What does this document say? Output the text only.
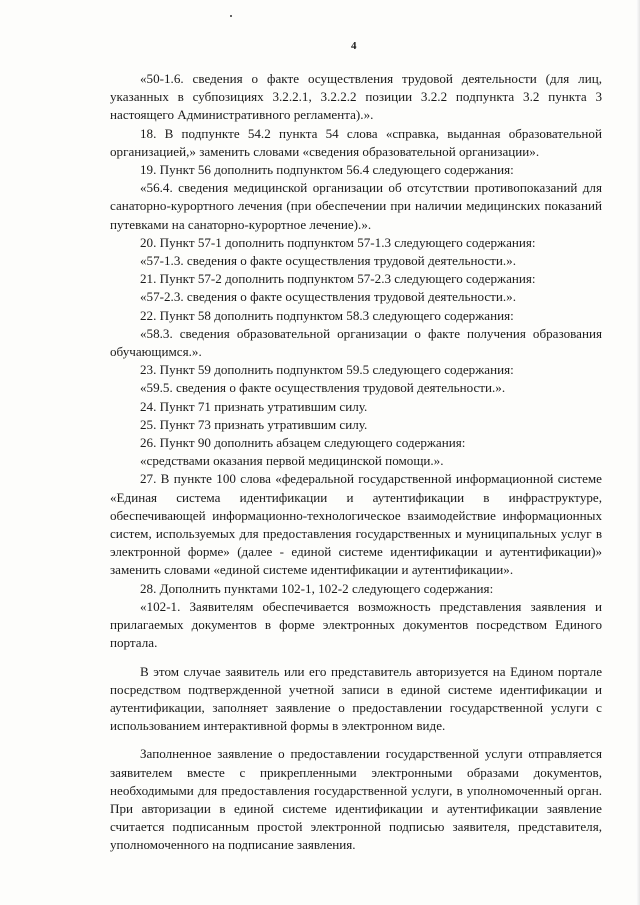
4

«50-1.6. сведения о факте осуществления трудовой деятельности (для лиц, указанных в субпозициях 3.2.2.1, 3.2.2.2 позиции 3.2.2 подпункта 3.2 пункта 3 настоящего Административного регламента).».

18. В подпункте 54.2 пункта 54 слова «справка, выданная образовательной организацией,» заменить словами «сведения образовательной организации».

19. Пункт 56 дополнить подпунктом 56.4 следующего содержания:

«56.4. сведения медицинской организации об отсутствии противопоказаний для санаторно-курортного лечения (при обеспечении при наличии медицинских показаний путевками на санаторно-курортное лечение).».

20. Пункт 57-1 дополнить подпунктом 57-1.3 следующего содержания:

«57-1.3. сведения о факте осуществления трудовой деятельности.».

21. Пункт 57-2 дополнить подпунктом 57-2.3 следующего содержания:

«57-2.3. сведения о факте осуществления трудовой деятельности.».

22. Пункт 58 дополнить подпунктом 58.3 следующего содержания:

«58.3. сведения образовательной организации о факте получения образования обучающимся.».

23. Пункт 59 дополнить подпунктом 59.5 следующего содержания:

«59.5. сведения о факте осуществления трудовой деятельности.».

24. Пункт 71 признать утратившим силу.

25. Пункт 73 признать утратившим силу.

26. Пункт 90 дополнить абзацем следующего содержания:

«средствами оказания первой медицинской помощи.».

27. В пункте 100 слова «федеральной государственной информационной системе «Единая система идентификации и аутентификации в инфраструктуре, обеспечивающей информационно-технологическое взаимодействие информационных систем, используемых для предоставления государственных и муниципальных услуг в электронной форме» (далее - единой системе идентификации и аутентификации)» заменить словами «единой системе идентификации и аутентификации».

28. Дополнить пунктами 102-1, 102-2 следующего содержания:

«102-1. Заявителям обеспечивается возможность представления заявления и прилагаемых документов в форме электронных документов посредством Единого портала.

В этом случае заявитель или его представитель авторизуется на Едином портале посредством подтвержденной учетной записи в единой системе идентификации и аутентификации, заполняет заявление о предоставлении государственной услуги с использованием интерактивной формы в электронном виде.

Заполненное заявление о предоставлении государственной услуги отправляется заявителем вместе с прикрепленными электронными образами документов, необходимыми для предоставления государственной услуги, в уполномоченный орган. При авторизации в единой системе идентификации и аутентификации заявление считается подписанным простой электронной подписью заявителя, представителя, уполномоченного на подписание заявления.
